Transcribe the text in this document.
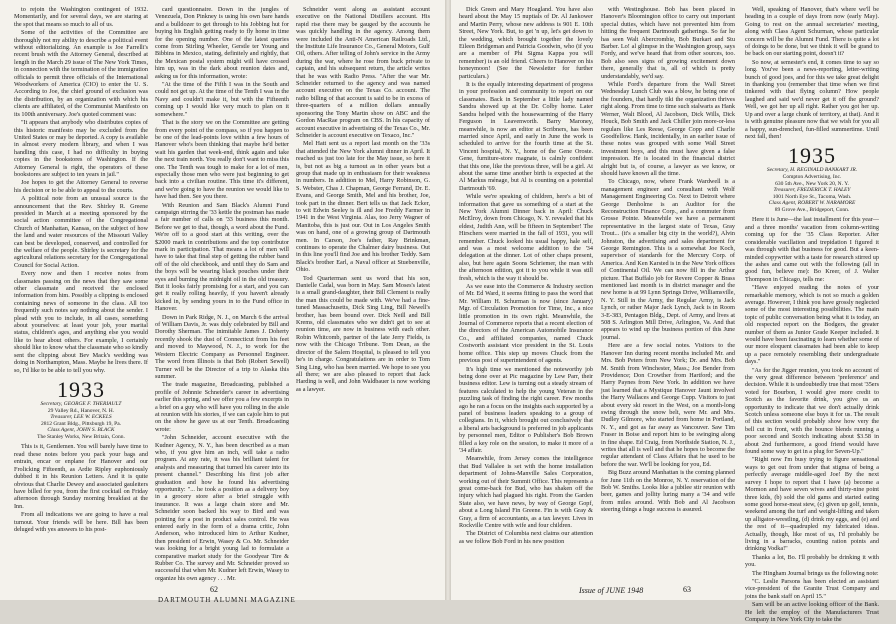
to rejoin the Washington contingent of 1932. Momentarily, and for several days, we are staring at the spot that means so much to all of us.

Some of the activities of the Committee are thoroughly not my ability to describe a political event without editorializing. An example is Joe Farrelli's recent brush with the Attorney General, described at length in the March 29 issue of The New York Times, in connection with the termination of the immigration officials to permit three officials of the International Woodworkers of America (CIO) to enter the U. S. According to Joe, the chief ground of exclusion was the distribution, by an organization with which his clients are affiliated, of the Communist Manifesto on its 100th anniversary. Joe's quoted comment was:

"It appears that anybody who distributes copies of this historic manifesto may be excluded from the United States or may be deported. A copy is available in almost every modern library, and when I was handling this case, I had no difficulty in buying copies in the bookstores of Washington. If the Attorney General is right, the operators of these bookstores are subject to ten years in jail."

Joe hopes to get the Attorney General to reverse his decision or to be able to appeal to the courts.

A political note from an unusual source is the announcement that the Rev. Shirley R. Greene presided in March at a meeting sponsored by the social action committee of the Congregational Church of Manhattan, Kansas, on the subject of how the land and water resources of the Missouri Valley can best be developed, conserved, and controlled for the welfare of the people. Shirley is secretary for the agricultural relations secretary for the Congregational Council for Social Action.

Every now and then I receive notes from classmates passing on the news that they saw some other classmate and received the enclosed information from him. Possibly a clipping is enclosed containing news of someone in the class. All too frequently such notes say nothing about the sender. I plead with you to include, in all cases, something about yourselves: at least your job, your marital status, children's ages, and anything else you would like to hear about others. For example, I certainly should like to know what the classmate who so kindly sent the clipping about Bev Mack's wedding was doing in Northampton, Mass. Maybe he lives there. If so, I'd like to be able to tell you why.

1933
Secretary, GEORGE F. THERIAULT
29 Valley Rd., Hanover, N. H.
Treasurer, LEE W. ECKELS
2812 Grant Bldg., Pittsburgh 19, Pa.
Class Agent, JOHN S. BLACK
The Stanley Works, New Britain, Conn.

This is it, Gentlemen. You will barely have time to read these notes before you pack your bags and entrain, encar or enplane for Hanover and our Frolicking Fifteenth, as Ardie Ripley euphoniously dubbed it in his Reunion Letters. And it is quite obvious that Charlie Dewey and associated gauleiters have billed for you, from the first cocktail on Friday afternoon through Sunday morning breakfast at the Inn.

From all indications we are going to have a real turnout. Your friends will be here. Bill has been deluged with yes answers to his post-

card questionnaire. Down in the jungles of Venezuela, Don Pinkney is using his own bare hands and a bulldozer to get through to his Jobbing hut for buying his English getting ready to fly home in time for the opening number. One of the latest queries come from Stirling Wheeler, Gerstle ter Young and Bibbins in Mexico, stating, definitely and rightly, that the Mexican postal system might will have crossed him up, was in the dark about reunion dates and, asking us for this information, wrote:

"At the time of the Fifth I was in the South and could not get up. At the time of the Tenth I was in the Navy and couldn't make it, but with the Fifteenth coming up I would like very much to plan on it somewhere."

That is the story we on the Committee are getting from every point of the compass, so if you happen to be one of the lead-points love within a few hours of Hanover who's been thinking that maybe he'd better wait his garden that week-end, think again and take the next train north. You really don't want to miss this one. The Tenth was tough to make for a lot of men, especially those men who were just beginning to get back into a civilian routine. This time it's different, and we're going to have the reunion we would like to have had then. See you there.

With Reunion and Sam Black's Alumni Fund campaign stirring the '33 kettle the postman has made a fair number of calls on '33 business this month. Before we get to that, though, a word about the Fund. We're off to a good start at this writing, over the $2000 mark in contributions and the top contributor mark in participation. That means a lot of men will have to take that final step of getting the rubber band off of the old checkbook, and until they do Sam and the boys will be wearing black pouches under their eyes and burning the midnight oil in the old treasury. But it looks fairly promising for a start, and you can get it really rolling heavily, if you haven't already kicked in, by sending yours in to the Fund office in Hanover.

Down in Park Ridge, N. J., on March 6 the arrival of William Davis, Jr. was duly celebrated by Bill and Dorothy Sherman. The inimitable James J. Doherty recently shook the dust of Connecticut from his feet and moved to Maywood, N. J., to work for the Western Electric Company as Personnel Engineer. The word from Illinois is that Bob (Robert Sewell) Turner will be the Director of a trip to Alaska this summer.

The trade magazine, Broadcasting, published a profile of Johnnie Schneider's career in advertising earlier this spring, and we offer you a few excerpts in a brief on a guy who will have you rolling in the aisle at reunion with his stories, if we can cajole him to put on the show he gave us at our Tenth. Broadcasting wrote:

"John Schneider, account executive with the Kudner Agency, N. Y., has been described as a man who, if you give him an inch, will take a radio program. At any rate, it was his brilliant talent for analysis and measuring that turned his career into its present channel." Describing his first job after graduation and how he found his advertising opportunity: "... he took a position as a delivery boy in a grocery store after a brief struggle with insurance. It was a large chain store and Mr. Schneider soon backed his way to Bird and was pointing for a post in product sales control. He was entered early in the form of a drama critic, John Anderson, who introduced him to Arthur Kudner, then president of Erwin, Wasey & Co. Mr. Schneider was looking for a bright young lad to formulate a comparative market study for the Goodyear Tire & Rubber Co. The survey and Mr. Schneider proved so successful that when Mr. Kudner left Erwin, Wasey to organize his own agency . . . Mr.

Schneider went along as assistant account executive on the National Distillers account. His rapid rise there may be gauged by the accounts he was quickly handling in the agency. Among them were included the Anti-N American Railroads Ltd., the Institute Life Insurance Co., General Motors, Gulf Oil, others. After telling of John's service in the Army during the war, where he rose from buck private to captain, and his subsequent return, the article writes that he was with Radio Press. "After the war Mr. Schneider returned to the agency and was named account executive on the Texas Co. account. The radio billing of that account is said to be in excess of three-quarters of a million dollars annually sponsoring the Tony Martin show on ABC and the Gordon MacRae program on CBS. In his capacity of account executive in advertising of the Texas Co., Mr. Schneider is account executive on Texaco, Inc."

Mel Hatt sent us a report last month on the '33s that attended the New York alumni dinner in April. It reached us just too late for the May issue, so here it is, but not as big a turnout as in other years but a group that made up in enthusiasm for their weakness in numbers. In addition to Mel, Harry Robinson, G. S. Webster, Chas J. Chapman, George Ferrand, Dr. E. Evans, and George Smith, Mel and his brother, Joe, took part in the dinner. Bert tells us that Jack Ecker, to wit Edwin Seeley is ill and Joe Freddy Farmer in 1941 in the West Virginia. Alas, too Jerry Wagner of Manitoba, this is just our. Out in Los Angeles Smith was on hand, one of a growing group of Dartmouth men. In Carson, Joe's father, Ray Brinkman, continues to operate the Chalmer dairy business. Out in this line you'll find Joe and his brother Teddy. Sam Black's brother Earl, a Naval officer at Stuebenville, Ohio.

Tod Quarterman sent us word that his son, Danielle Cadal, was born in May. Sam Moses's latest is a small grand-daughter, their Bill Clement is really the man this could be made with. We've had a fine-tuned Massachusetts, Dick Sing Ling, Bill Newell's brother, has been bound over. Dick Neill and Bill Krems, old classmates who we didn't get to see at reunion time, are now in business with each other. Robin Whitcomb, partner of the late Jerry Fields, is now with the Chicago Tribune. Tom Dean, as the director of the Salem Hospital, is pleased to tell you he's in charge. Congratulations are in order to Tom Sing Ling, who has been married. We hope to see you all there; we are also pleased to report that Jack Harding is well, and John Waldbauer is now working as a lawyer.

62
DARTMOUTH ALUMNI MAGAZINE

Dick Green and Mary Hoagland. You have also heard about the May 15 nuptials of Dr. Al Jankower and Martin Perry, whose new address is 901 E. 10th Street, New York. But, to get 'n up, let's get down to the wedding, which brought together the lovely Eileen Bridgeman and Patricia Goodwin, who (if you are a member of Phi Sigma Kappa you will remember) is an old friend. Cheers to Hanover on his honeymoon! (See the Newsletter for further particulars.)

It is the equally interesting department of progress in your profession and community to report on our classmates. Back in September a little lady named Sandra showed up at the Dr. Colby home. Later Sandra helped with the housewarming of the Harry Ferguson in Leavenworth. Barry Maroney, meanwhile, is now an editor at Scribners, has been married since April, and early in June the work is scheduled to arrive for the fourth time at the St. Vincent hospital, N. Y., home of the Gene Oroste. Gene, furniture-store magnate, is calmly confident that this one, like the previous three, will be a girl. At about the same time another birth is expected at the Al Markus ménage, but Al is counting on a potential Dartmouth '69.

While we're speaking of children, here's a bit of information that gave us something of a start at the New York Alumni Dinner back in April: Chuck McElroy, down from Chicago, N. Y. revealed that his eldest, Judith Ann, will be fifteen in September! The Hirschers were married in the fall of 1931, you will remember. Chuck looked his usual happy, hale self, and was a most welcome addition to the '34 delegation at the dinner. Lot of other chaps present, also, but here again Soons Schriemer, the man with the afternoon edition, got it to you while it was still fresh, which is the way it should be.

As we ease into the Commerce & Industry section of Mr. Ed Ward, it seems fitting to pass the word that Mr. William H. Schurman is now (since January) Mgr. of Circulation Promotion for Time, Inc., a nice little promotion in its own right. Meanwhile, the Journal of Commerce reports that a recent election of the directors of the American Automobile Insurance Co., and affiliated companies, named Chuck Costworth assistant vice president in the St. Louis home office. This step up moves Chuck from the previous post of superintendent of agents.

It's high time we mentioned the noteworthy job being done over at Pic magazine by Lew Parr, their business editor. Lew is turning out a steady stream of features calculated to help the young Veteran in the puzzling task of finding the right career. Few months ago he ran a focus on the insights each supported by a panel of business leaders speaking to a group of collegians. In it, which brought out conclusively that a liberal arts background is preferred in job applicants by personnel men, Editor o Publisher's Bob Brown filled a key role on the session, to make it more of a '34 affair.

Meanwhile, from Jersey comes the intelligence that Bud Vallalee is set with the home installation department of Johns-Manville Sales Corporation, working out of their Summit Office. This represents a great come-back for Bud, who has shaken off the injury which had plagued his right. From the Garden State also, we have news, by way of George Gopf, about a Long Island Fin Greene. Fin is with Gray & Gray, a firm of accountants, as a tax lawyer. Lives in Rockville Centre with wife and four children.

The District of Columbia next claims our attention as we follow Bob Ford in his new position

with Westinghouse. Bob has been placed in Hanover's Bloomington office to carry out important special duties, which have not prevented him from hitting the frequent Dartmouth gatherings. So far he has seen Walt Abercrombie, Bob Burkart and Stu Barber. Lo! al glimpse in the Washington group, says Fordy, and we've heard that from other sources, too. Bob also sees signs of growing excitement down there, generally that is, all of which is pretty understandably, we'd say.

While Ford's departure from the Wall Street Wednesday Lunch Club was a blow, he being one of the founders, that hardly tiki the organization thrives right along. From time to time such stalwarts as Hank Werner, Walt Blood, Al Jacobson, Dick Wills, Dick Houck, Bob Smith and Jack Chiller join more-or-less regulars like Les Reese, George Copp and Charlie Goodfellow. Hank, incidentally, in an earlier issue of these notes was grouped with some Wall Street investment boys, and this must have given a false impression. He is located in the financial district alright but is, of course, a lawyer as we know, or should have known all the time.

To Chicago, now, where Frank Wardwell is a management engineer and consultant with Wolf Management Engineering Co. Next to Detroit where George Denholme is an Auditor for the Reconstruction Finance Corp., and a commuter from Grosse Pointe. Meanwhile we have a permanent representative in the largest state of Texas, Gray Trout... (it's a smaller big city in the world?), Alvin Johnston, the advertising and sales department for George Remington. This is a somewhat Joe Koch, supervisor of standards for the Mercury Corp. of America. And Ken Karsted is in the New York offices of Continental Oil. We can now fill in the Arthur picture. That Buffalo job for Revere Copper & Brass mentioned last month is in district manager and the new home is at 99 Lynn Springs Drive, Williamsville, N. Y. Still in the Army, the Regular Army, is Jack Lynch, or rather Major Jack Lynch, Jack is in Room 3-E-383, Pentagon Bldg., Dept. of Army, and lives at 508 S. Arlington Mill Drive, Arlington, Va. And that appears to wind up the business portion of this June journal.

Here are a few social notes. Visitors to the Hanover Inn during recent months included Mr. and Mrs. Bob Peters from New York; Dr. and Mrs. Bob M. Smith from Winchester, Mass.; Joe Bender from Providence; Don Crowther from Hartford; and the Harry Paynes from New York. In addition we have just learned that a Mystique Hanover Jaunt involved the Harry Wallaces and George Cupp. Visitors to just about every ski resort in the West, on a month-long swing through the snow belt, were Mr. and Mrs. Dudley Gilmore, who started from home in Portland, N. Y., and got as far away as Vancouver. Saw Tim Fraser in Boise and report him to be swinging along in fine shape. Ed Craig, from Northside Station, N. J., writes that all is well and that he hopes to become the regular attendant of Class Affairs that he used to be before the war. We'll be looking for you, Ed.

Big Buzz around Manhattan is the coming planned for June 11th on the Monroe, N. Y. reservation of the Bob W. Smiths. Looks like a jubilee stir reunion with beer, games and jollity luring many a '34 and wife from miles around. With Bob and Al Jacobson steering things a huge success is assured.

Well, speaking of Hanover, that's where we'll be heading in a couple of days from now (early May). Going to rest on the annual secretaries' meeting, along with Class Agent Schurman, whose particular concern will be the Alumni Fund. There is quite a lot of doings to be done, but we think it will be grand to be back on our starting point, doesn't it?

So now, at semester's end, it comes time to say so long. You've been a news-reporting, letter-writing bunch of good joes, and for this we take great delight in thanking you (remember that time when we first tinkered with that flying column? How people laughed and said we'd never get it off the ground? Well, we got her up all right. Rather you got her up. Up and over a large chunk of territory, at that). And it is with genuine pleasure now that we wish for you all a happy, sun-drenched, fun-filled summertime. Until next fall, then!

1935
Secretary, H. REGINALD BANKART JR.
Compton Advertising, Inc.
630 5th Ave., New York 20, N. Y.
Treasurer, FREDERICK T. HALEY
1001 North Eye St., Tacoma, Wash.
Class Agent, ROBERT W. NARAMORE
89 Grove Ave., Bridgeport, Conn.

Here it is June—the last installment for this year—and a three months' vacation from column-writing coming up for the '35 Class Reporter. After considerable vacillation and trepidation I figured it was through with that business for good. But a keen-minded copywriter with a taste for research stirred up the ashes and came out with the following (all in good fun, believe me): Bo Kreer, of J. Walter Thompson in Chicago, tells me:

"Have enjoyed reading the notes of your remarkable memory, which is not so much a golden average. However, I think you have grossly neglected some of the most interesting possibilities. The main topic of public conversation being what it is today, an old respected report on the Bodgers, the greater number of them as Junior Grade Keeper included. It would have been fascinating to learn whether some of our more eloquent classmates had been able to keep up a pace remotely resembling their undergraduate days."

"As for the Jigger reunion, you took no account of the very great difference between 'preference' and decision. While it is undoubtedly true that most '35ers voted for Bourbon, I would give more credit to Scotch as the favorite drink, you give us an opportunity to indicate that we don't actually drink Scotch unless someone else buys it for us. The result of this section would probably show how very the bell cut in front, with the bounce blends running a poor second and Scotch indicating about $3.58 in about 2nd furthermore, a good friend would have found some way to get in a plug for Seven-Up."

"Right now I'm busy trying to figure sensational ways to get out from under that stigma of being a perfectly average middle-aged Joe! By the next survey I hope to report that I have (a) become a Mormon and have seven wives and thirty-nine point three kids, (b) sold the old gams and started eating some good horse-meat stew, (c) given up golf, tennis, weekend among the turf and weight-lifting and taken up alligator-wrestling, (d) drink my eggs, and (e) and the rest of it—quadrupled my fabricated ideas. Actually, though, like most of us, I'd probably be living in a barracks, counting ration points and drinking Vodka!"

Thanks a lot, Bo. I'll probably be drinking it with you.

The Hingham Journal brings us the following note:

"C. Leslie Parsons has been elected an assistant vice-president of the Granite Trust Company and joins the bank staff on April 15."

Sam will be an active looking officer of the Bank. He left the employ of the Manufacturers Trust Company in New York City to take the

Issue of JUNE 1948	63
